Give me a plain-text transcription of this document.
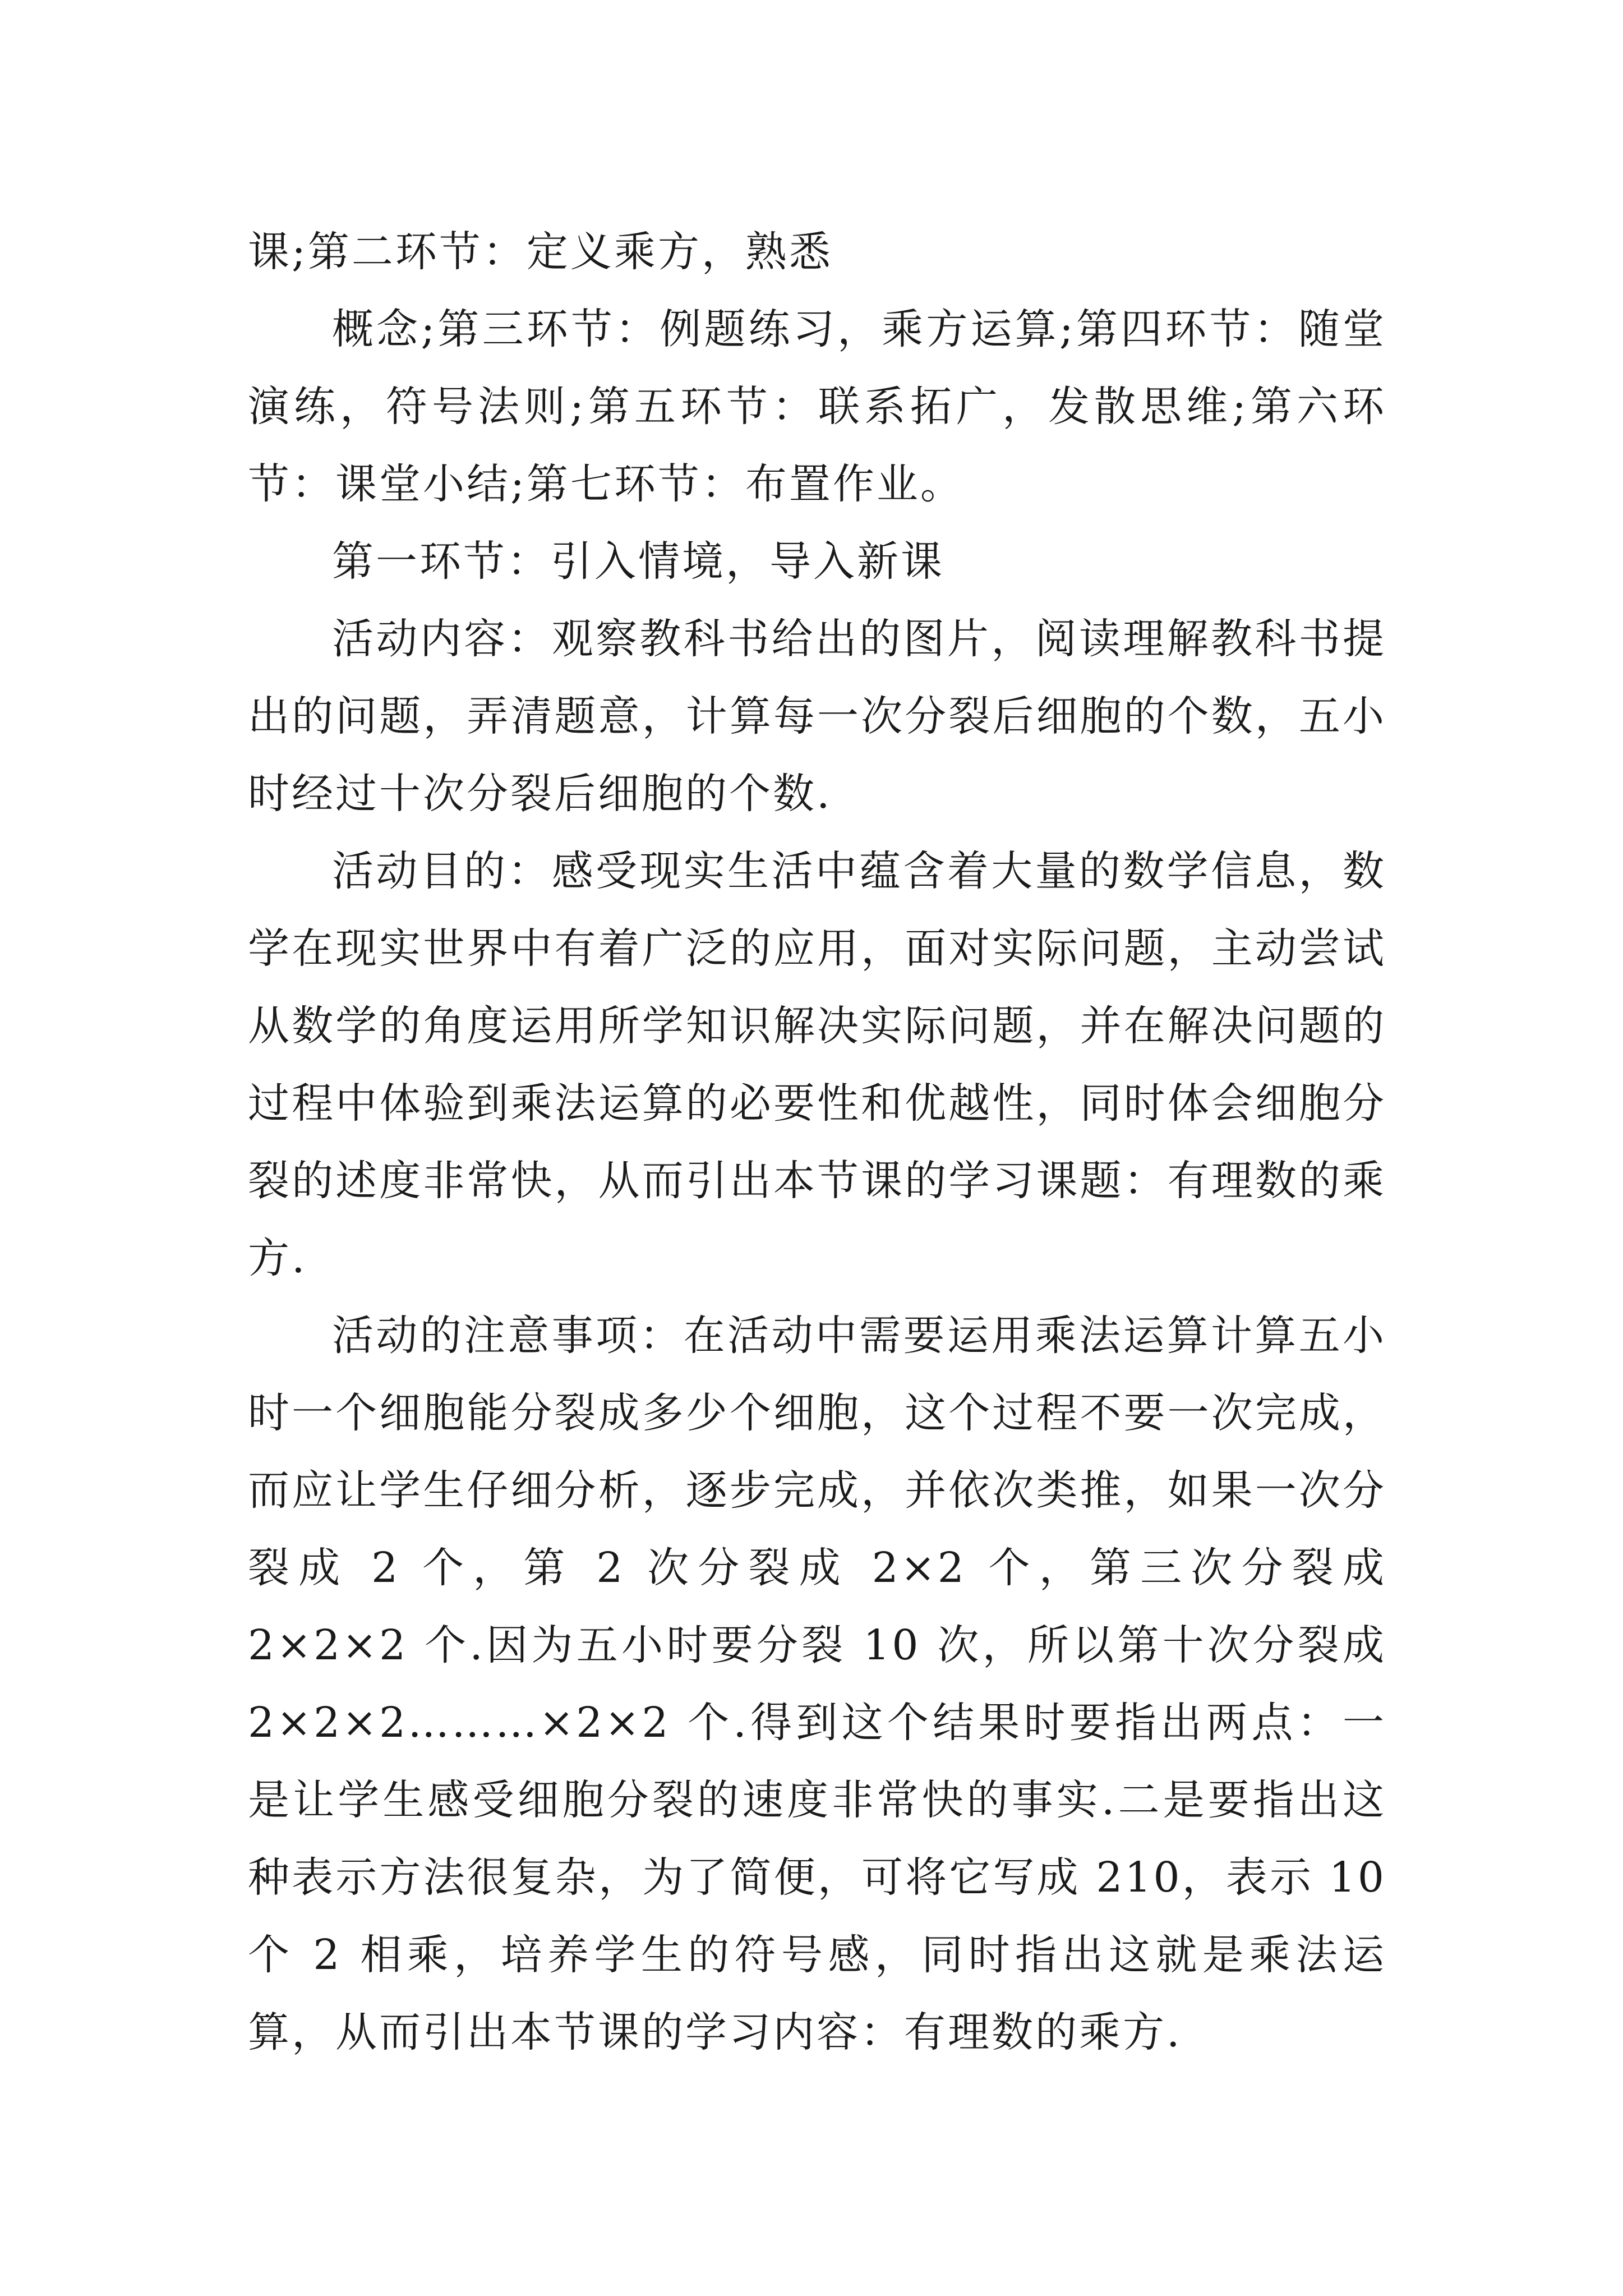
课;第二环节：定义乘方，熟悉

概念;第三环节：例题练习，乘方运算;第四环节：随堂演练，符号法则;第五环节：联系拓广，发散思维;第六环节：课堂小结;第七环节：布置作业。

第一环节：引入情境，导入新课

活动内容：观察教科书给出的图片，阅读理解教科书提出的问题，弄清题意，计算每一次分裂后细胞的个数，五小时经过十次分裂后细胞的个数.

活动目的：感受现实生活中蕴含着大量的数学信息，数学在现实世界中有着广泛的应用，面对实际问题，主动尝试从数学的角度运用所学知识解决实际问题，并在解决问题的过程中体验到乘法运算的必要性和优越性，同时体会细胞分裂的述度非常快，从而引出本节课的学习课题：有理数的乘方.

活动的注意事项：在活动中需要运用乘法运算计算五小时一个细胞能分裂成多少个细胞，这个过程不要一次完成，而应让学生仔细分析，逐步完成，并依次类推，如果一次分裂成 2 个，第 2 次分裂成 2×2 个，第三次分裂成 2×2×2 个.因为五小时要分裂 10 次，所以第十次分裂成 2×2×2………×2×2 个.得到这个结果时要指出两点：一是让学生感受细胞分裂的速度非常快的事实.二是要指出这种表示方法很复杂，为了简便，可将它写成 210，表示 10 个 2 相乘，培养学生的符号感，同时指出这就是乘法运算，从而引出本节课的学习内容：有理数的乘方.
